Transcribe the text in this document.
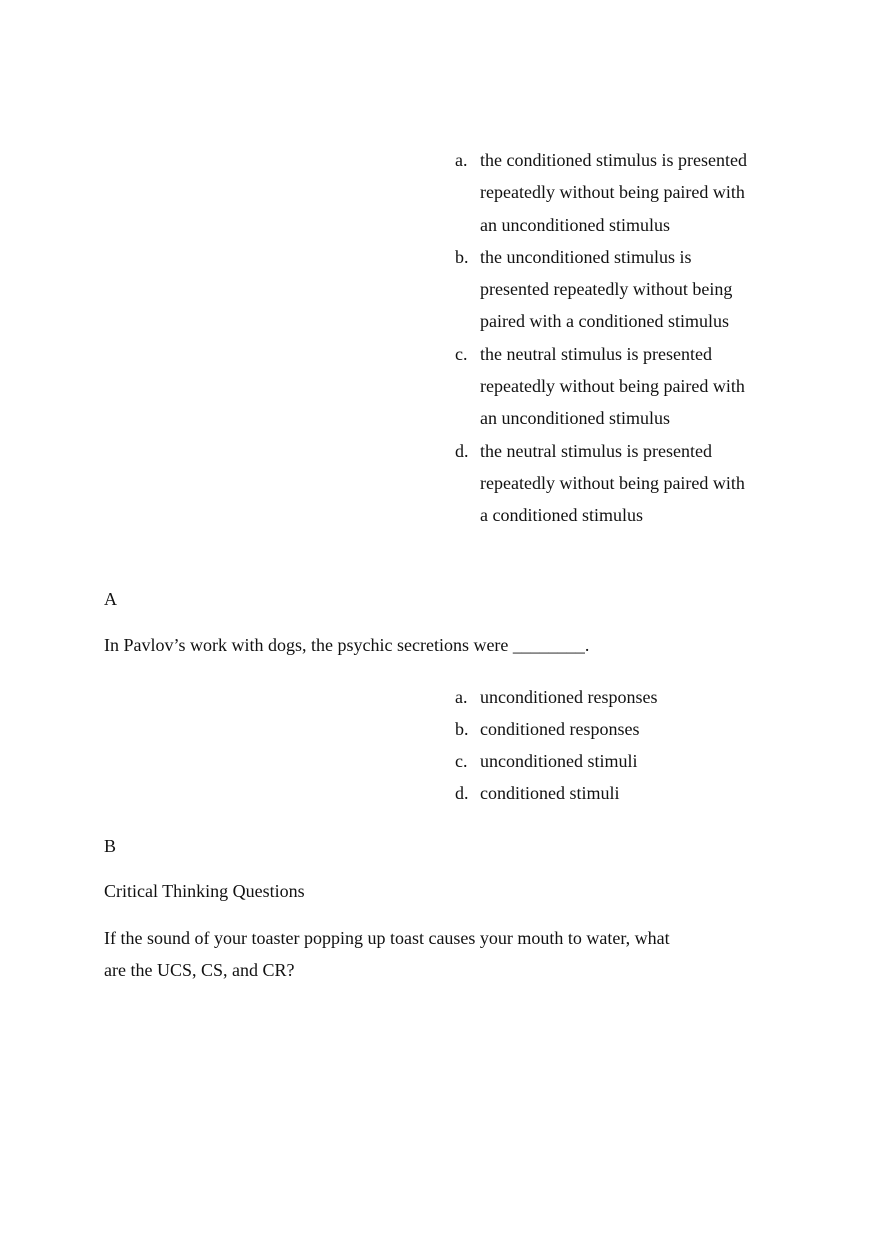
a. the conditioned stimulus is presented repeatedly without being paired with an unconditioned stimulus
b. the unconditioned stimulus is presented repeatedly without being paired with a conditioned stimulus
c. the neutral stimulus is presented repeatedly without being paired with an unconditioned stimulus
d. the neutral stimulus is presented repeatedly without being paired with a conditioned stimulus

A

In Pavlov’s work with dogs, the psychic secretions were ________.

a. unconditioned responses
b. conditioned responses
c. unconditioned stimuli
d. conditioned stimuli

B

Critical Thinking Questions

If the sound of your toaster popping up toast causes your mouth to water, what are the UCS, CS, and CR?
